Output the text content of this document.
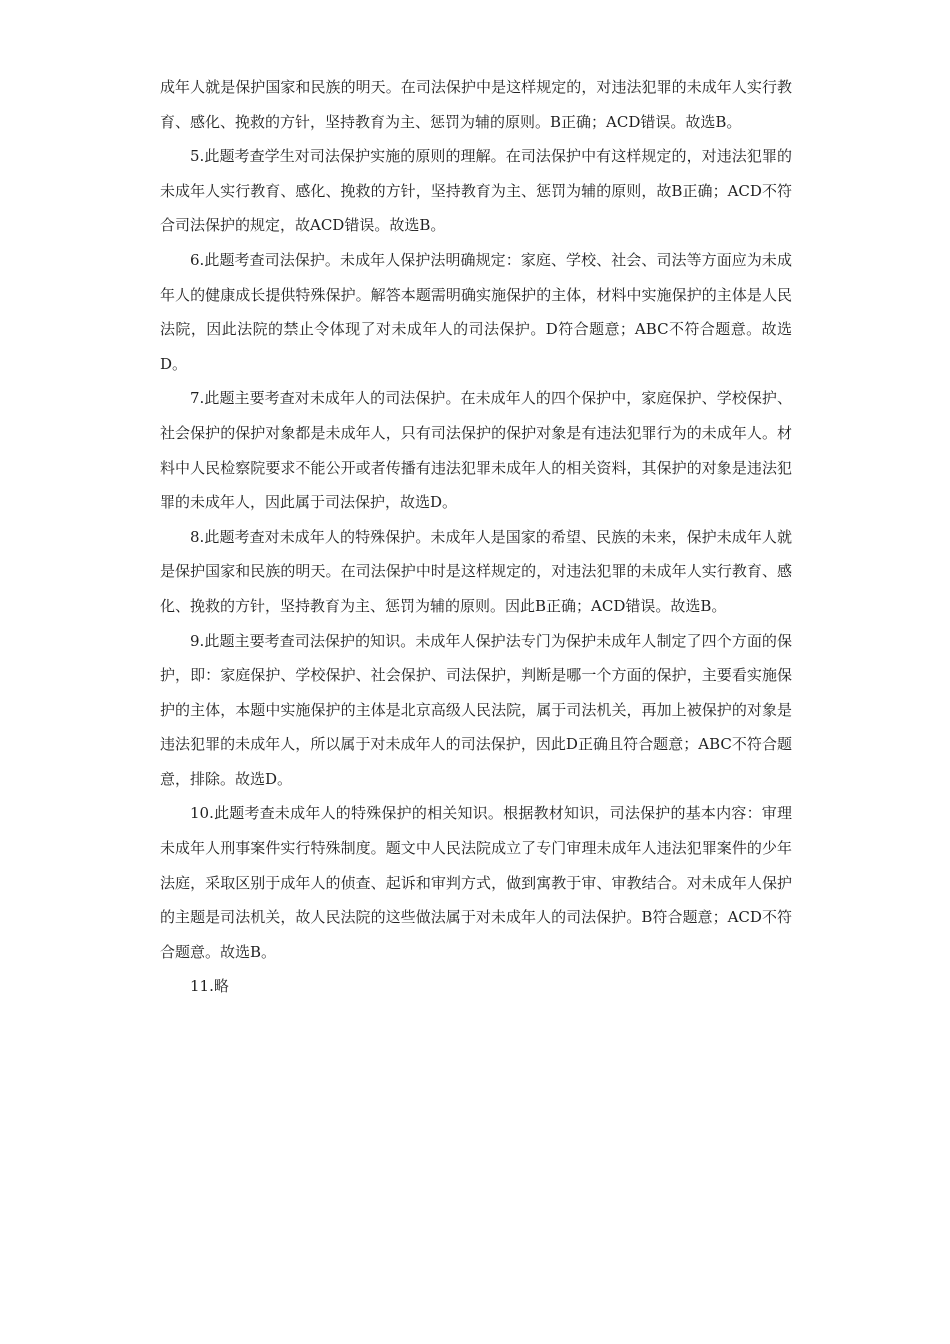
成年人就是保护国家和民族的明天。在司法保护中是这样规定的，对违法犯罪的未成年人实行教育、感化、挽救的方针，坚持教育为主、惩罚为辅的原则。B正确；ACD错误。故选B。

5.此题考查学生对司法保护实施的原则的理解。在司法保护中有这样规定的，对违法犯罪的未成年人实行教育、感化、挽救的方针，坚持教育为主、惩罚为辅的原则，故B正确；ACD不符合司法保护的规定，故ACD错误。故选B。

6.此题考查司法保护。未成年人保护法明确规定：家庭、学校、社会、司法等方面应为未成年人的健康成长提供特殊保护。解答本题需明确实施保护的主体，材料中实施保护的主体是人民法院，因此法院的禁止令体现了对未成年人的司法保护。D符合题意；ABC不符合题意。故选D。

7.此题主要考查对未成年人的司法保护。在未成年人的四个保护中，家庭保护、学校保护、社会保护的保护对象都是未成年人，只有司法保护的保护对象是有违法犯罪行为的未成年人。材料中人民检察院要求不能公开或者传播有违法犯罪未成年人的相关资料，其保护的对象是违法犯罪的未成年人，因此属于司法保护，故选D。

8.此题考查对未成年人的特殊保护。未成年人是国家的希望、民族的未来，保护未成年人就是保护国家和民族的明天。在司法保护中时是这样规定的，对违法犯罪的未成年人实行教育、感化、挽救的方针，坚持教育为主、惩罚为辅的原则。因此B正确；ACD错误。故选B。

9.此题主要考查司法保护的知识。未成年人保护法专门为保护未成年人制定了四个方面的保护，即：家庭保护、学校保护、社会保护、司法保护，判断是哪一个方面的保护，主要看实施保护的主体，本题中实施保护的主体是北京高级人民法院，属于司法机关，再加上被保护的对象是违法犯罪的未成年人，所以属于对未成年人的司法保护，因此D正确且符合题意；ABC不符合题意，排除。故选D。

10.此题考查未成年人的特殊保护的相关知识。根据教材知识，司法保护的基本内容：审理未成年人刑事案件实行特殊制度。题文中人民法院成立了专门审理未成年人违法犯罪案件的少年法庭，采取区别于成年人的侦查、起诉和审判方式，做到寓教于审、审教结合。对未成年人保护的主题是司法机关，故人民法院的这些做法属于对未成年人的司法保护。B符合题意；ACD不符合题意。故选B。

11.略
